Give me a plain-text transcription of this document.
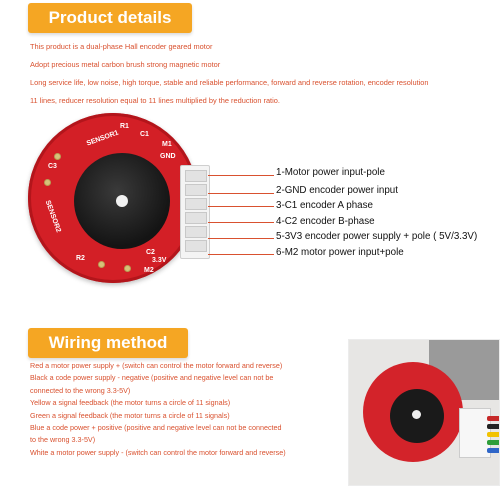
Product details

This product is a dual-phase Hall encoder geared motor

Adopt precious metal carbon brush strong magnetic motor

Long service life, low noise, high torque, stable and reliable performance, forward and reverse rotation, encoder resolution

11 lines, reducer resolution equal to 11 lines multiplied by the reduction ratio.

SENSOR1
SENSOR2
R1
R2
C1
C2
C3
M1
M2
GND
3.3V
1-Motor power input-pole
2-GND encoder power input
3-C1 encoder A phase
4-C2 encoder B-phase
5-3V3 encoder power supply + pole ( 5V/3.3V)
6-M2 motor power input+pole
Wiring method

Red a motor power supply + (switch can control the motor forward and reverse)

Black a code power supply - negative (positive and negative level can not be

connected to the wrong 3.3-5V)

Yellow a signal feedback (the motor turns a circle of 11 signals)

Green a signal feedback (the motor turns a circle of 11 signals)

Blue a code power + positive (positive and negative level can not be connected

to the wrong 3.3-5V)

White a motor power supply - (switch can control the motor forward and reverse)
